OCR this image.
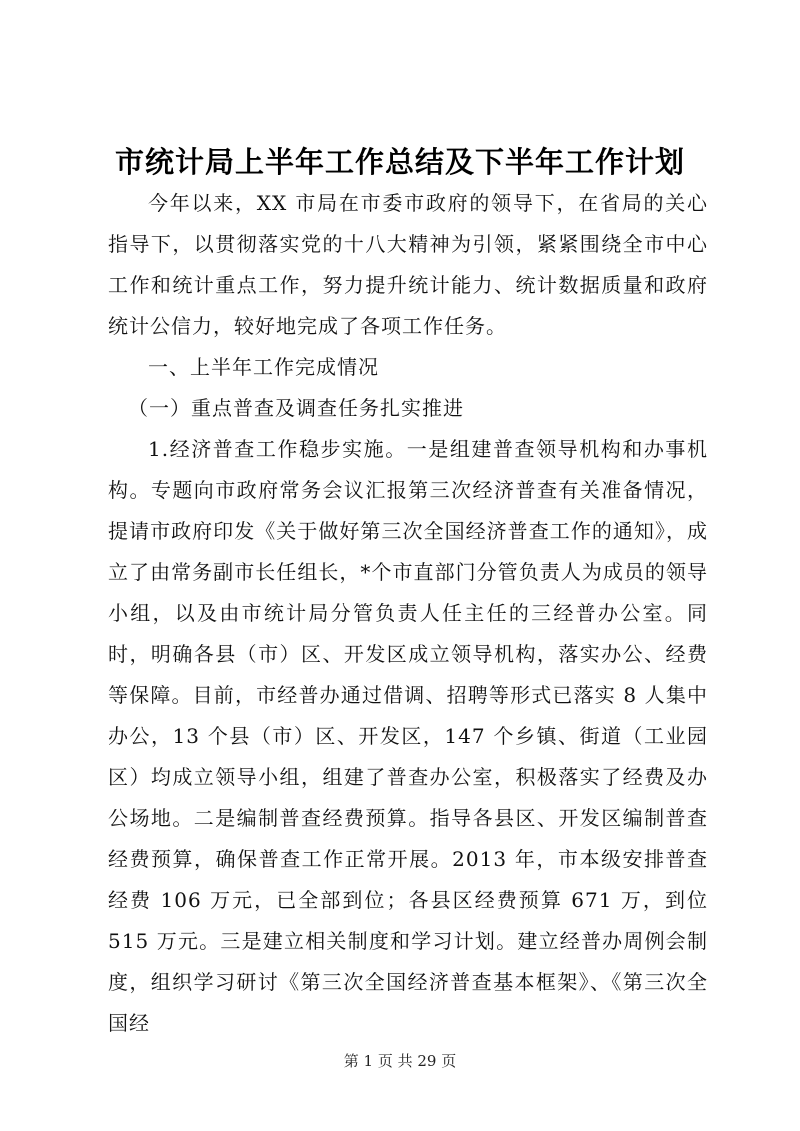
市统计局上半年工作总结及下半年工作计划

今年以来，XX 市局在市委市政府的领导下，在省局的关心指导下，以贯彻落实党的十八大精神为引领，紧紧围绕全市中心工作和统计重点工作，努力提升统计能力、统计数据质量和政府统计公信力，较好地完成了各项工作任务。

一、上半年工作完成情况

（一）重点普查及调查任务扎实推进

1.经济普查工作稳步实施。一是组建普查领导机构和办事机构。专题向市政府常务会议汇报第三次经济普查有关准备情况，提请市政府印发《关于做好第三次全国经济普查工作的通知》，成立了由常务副市长任组长，*个市直部门分管负责人为成员的领导小组，以及由市统计局分管负责人任主任的三经普办公室。同时，明确各县（市）区、开发区成立领导机构，落实办公、经费等保障。目前，市经普办通过借调、招聘等形式已落实 8 人集中办公，13 个县（市）区、开发区，147 个乡镇、街道（工业园区）均成立领导小组，组建了普查办公室，积极落实了经费及办公场地。二是编制普查经费预算。指导各县区、开发区编制普查经费预算，确保普查工作正常开展。2013 年，市本级安排普查经费 106 万元，已全部到位；各县区经费预算 671 万，到位 515 万元。三是建立相关制度和学习计划。建立经普办周例会制度，组织学习研讨《第三次全国经济普查基本框架》、《第三次全国经

第 1 页 共 29 页
